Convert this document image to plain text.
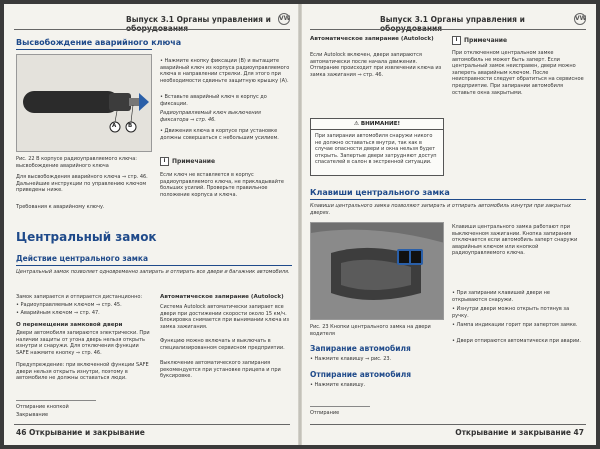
Выпуск 3.1 Органы управления и	VW
Высвобождение аварийного ключа
A B
Рис. 22 В корпусе радиоуправляемого ключа: высвобождение аварийного ключа
Для высвобождения аварийного ключа ⇒ стр. 46. Дальнейшие инструкции по управлению ключом приведены ниже.
Требования к аварийному ключу.
• Нажмите кнопку фиксации (B) и вытащите аварийный ключ из корпуса радиоуправляемого ключа в направлении стрелки. Для этого при необходимости сдвиньте защитную крышку (A).
• Вставьте аварийный ключ в корпус до фиксации.
Радиоуправляемый ключ выключения фиксатора ⇒ стр. 46.
• Движения ключа в корпусе при установке должны совершаться с небольшим усилием.
i	Примечание
Если ключ не вставляется в корпус радиоуправляемого ключа, не прикладывайте больших усилий. Проверьте правильное положение корпуса и ключа.
Центральный замок
Действие центрального замка
Центральный замок позволяет одновременно запирать и отпирать все двери и багажник автомобиля.
Замок запирается и отпирается дистанционно:
• Радиоуправляемым ключом ⇒ стр. 45.
• Аварийным ключом ⇒ стр. 47.
О перемещении замковой двери
Двери автомобиля запираются электрически. При наличии защиты от угона дверь нельзя открыть изнутри и снаружи. Для отключения функции SAFE нажмите кнопку ⇒ стр. 46.
Предупреждение: при включенной функции SAFE двери нельзя открыть изнутри, поэтому в автомобиле не должны оставаться люди.
Автоматическое запирание (Autolock)
Система Autolock автоматически запирает все двери при достижении скорости около 15 км/ч. Блокировка снимается при вынимании ключа из замка зажигания.
Функцию можно включать и выключать в специализированном сервисном предприятии.
Выключение автоматического запирания рекомендуется при установке прицепа и при буксировке.
Отпирание кнопкой
Закрывание
46 Открывание и закрывание
Выпуск 3.1 Органы управления и	VW
Автоматическое запирание (Autolock)
Если Autolock включен, двери запираются автоматически после начала движения. Отпирание происходит при извлечении ключа из замка зажигания ⇒ стр. 46.
⚠ ВНИМАНИЕ!
При запирании автомобиля снаружи никого не должно оставаться внутри, так как в случае опасности двери и окна нельзя будет открыть. Запертые двери затрудняют доступ спасателей в салон в экстренной ситуации.
i	Примечание
При отключенном центральном замке автомобиль не может быть заперт. Если центральный замок неисправен, двери можно запереть аварийным ключом. После неисправности следует обратиться на сервисное предприятие. При запирании автомобиля оставьте окна закрытыми.
Клавиши центрального замка
Клавиши центрального замка позволяют запирать и отпирать автомобиль изнутри при закрытых дверях.
Рис. 23 Кнопки центрального замка на двери водителя
Запирание автомобиля
• Нажмите клавишу ⇒ рис. 23.
Отпирание автомобиля
• Нажмите клавишу.
Клавиши центрального замка работают при выключенном зажигании. Кнопка запирания отключается если автомобиль заперт снаружи аварийным ключом или кнопкой радиоуправляемого ключа.
• При запирании клавишей двери не открываются снаружи.
• Изнутри двери можно открыть потянув за ручку.
• Лампа индикации горит при запертом замке.
• Двери отпираются автоматически при аварии.
Отпирание
Открывание и закрывание 47
